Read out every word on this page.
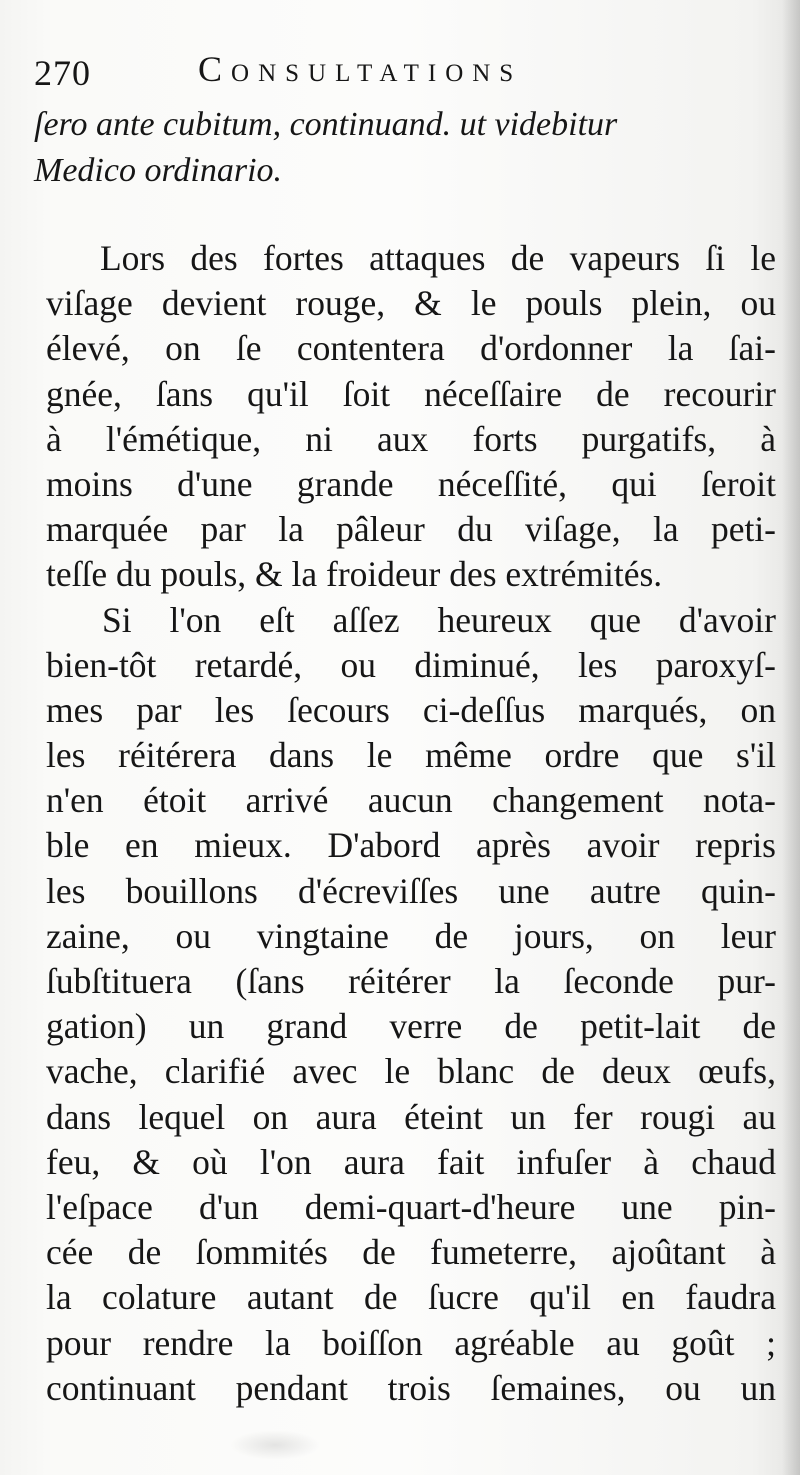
270	Consultations
ſero ante cubitum, continuand. ut videbitur
Medico ordinario.
Lors des fortes attaques de vapeurs ſi le
viſage devient rouge, & le pouls plein, ou
élevé, on ſe contentera d'ordonner la ſai-
gnée, ſans qu'il ſoit néceſſaire de recourir
à l'émétique, ni aux forts purgatifs, à
moins d'une grande néceſſité, qui ſeroit
marquée par la pâleur du viſage, la peti-
teſſe du pouls, & la froideur des extrémités.
Si l'on eſt aſſez heureux que d'avoir
bien-tôt retardé, ou diminué, les paroxyſ-
mes par les ſecours ci-deſſus marqués, on
les réitérera dans le même ordre que s'il
n'en étoit arrivé aucun changement nota-
ble en mieux. D'abord après avoir repris
les bouillons d'écreviſſes une autre quin-
zaine, ou vingtaine de jours, on leur
ſubſtituera (ſans réitérer la ſeconde pur-
gation) un grand verre de petit-lait de
vache, clarifié avec le blanc de deux œufs,
dans lequel on aura éteint un fer rougi au
feu, & où l'on aura fait infuſer à chaud
l'eſpace d'un demi-quart-d'heure une pin-
cée de ſommités de fumeterre, ajoûtant à
la colature autant de ſucre qu'il en faudra
pour rendre la boiſſon agréable au goût ;
continuant pendant trois ſemaines, ou un
